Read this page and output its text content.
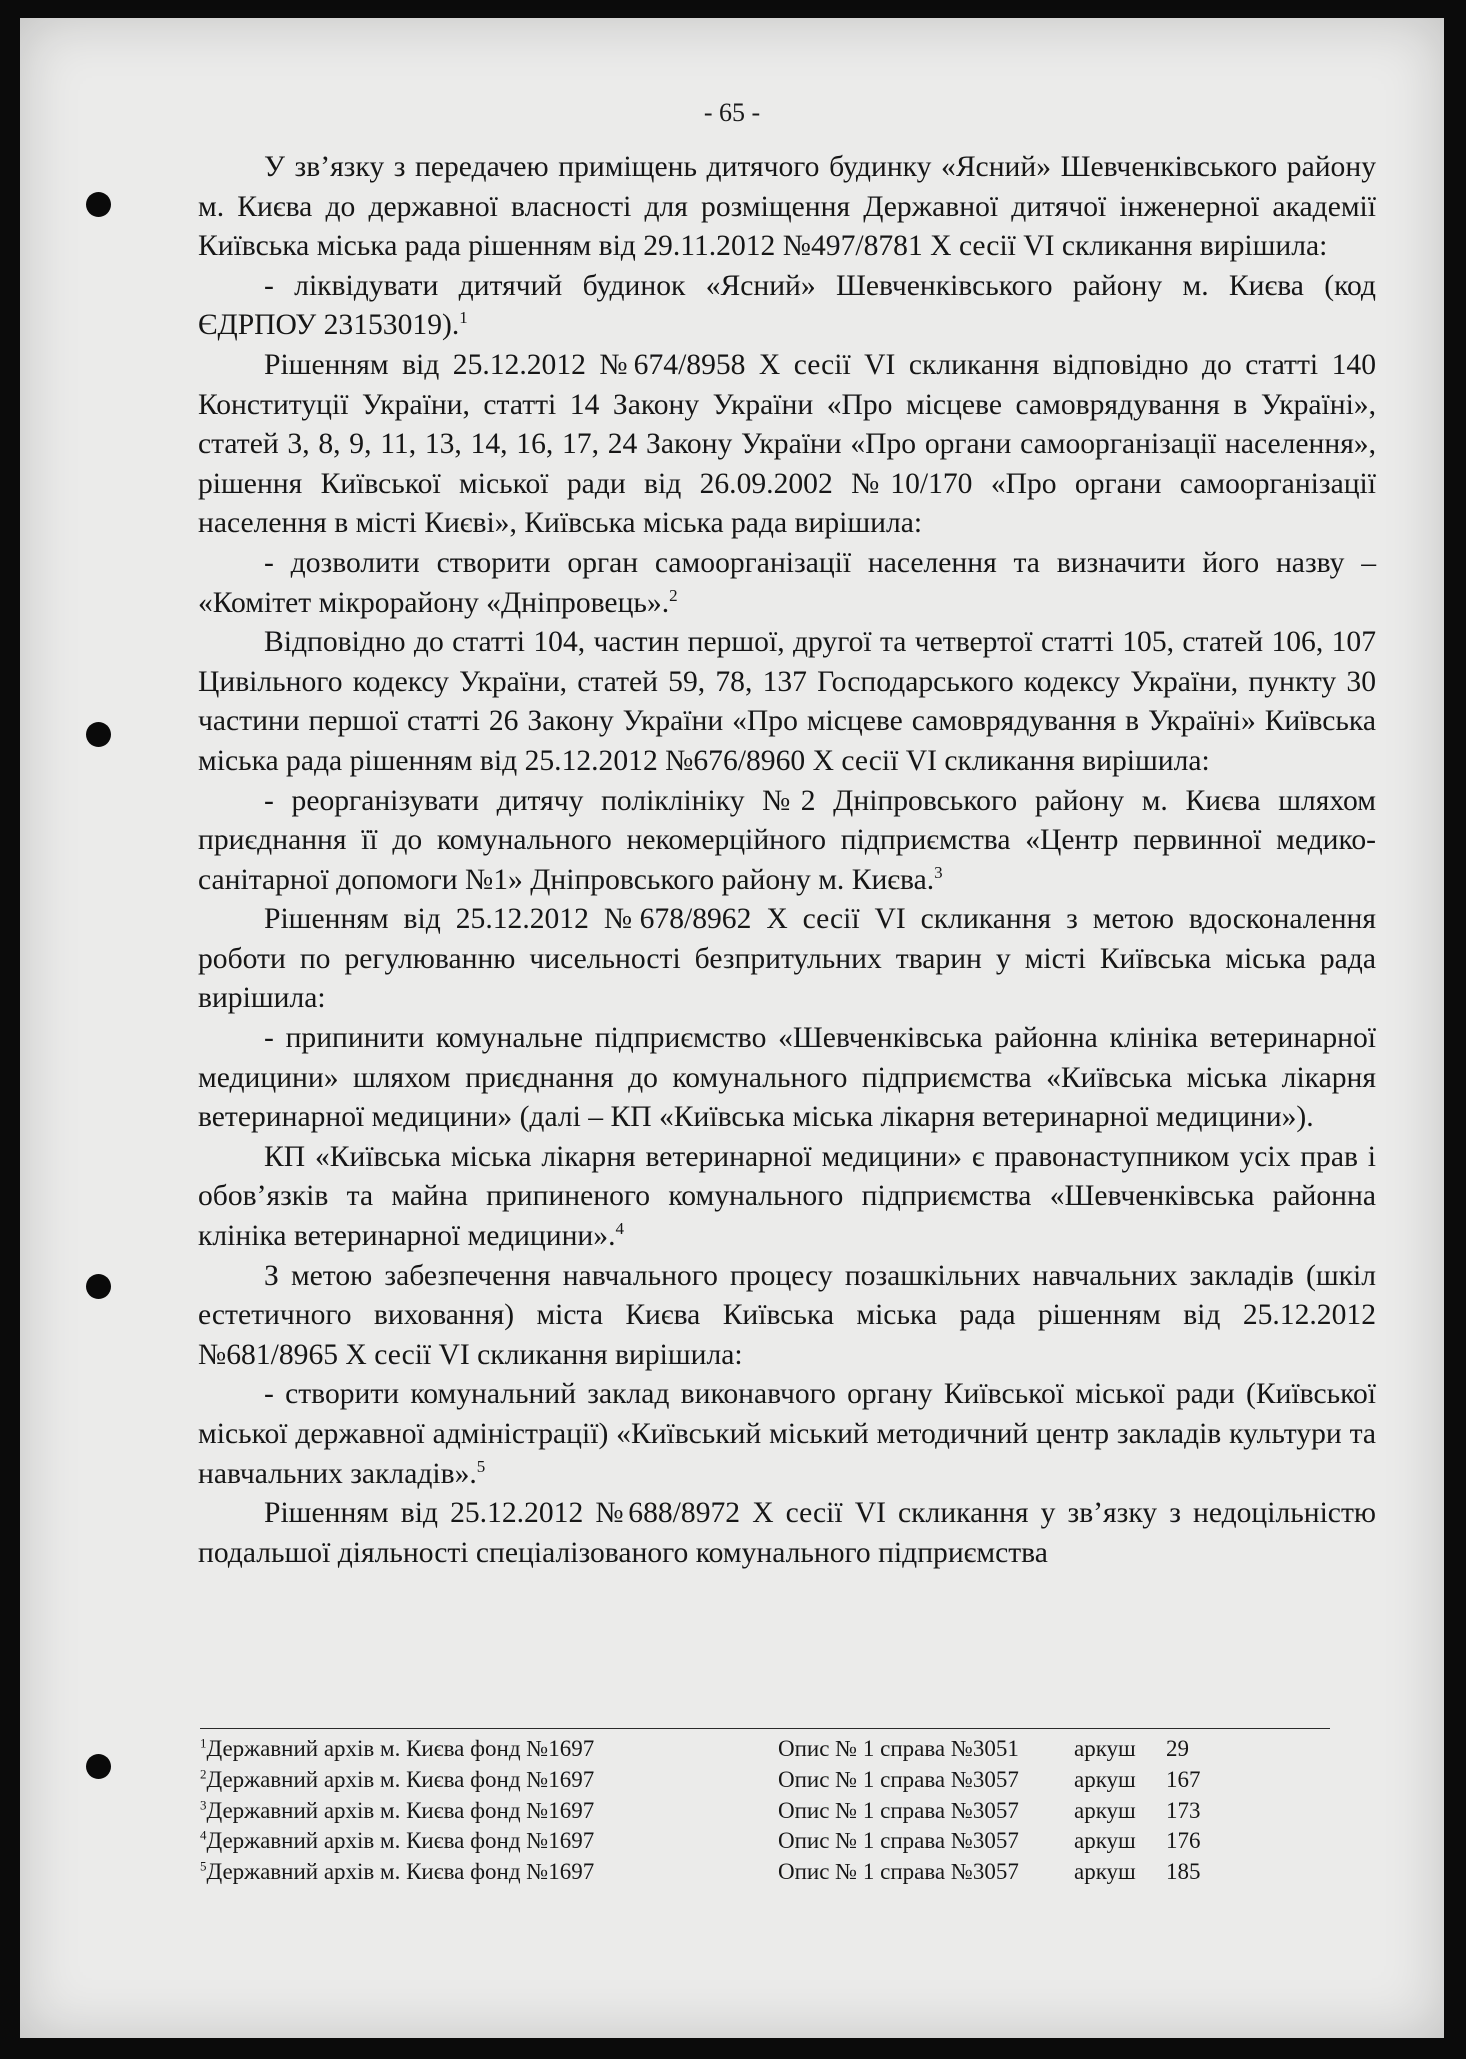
- 65 -

У зв’язку з передачею приміщень дитячого будинку «Ясний» Шевченківського району м. Києва до державної власності для розміщення Державної дитячої інженерної академії Київська міська рада рішенням від 29.11.2012 №497/8781 X сесії VI скликання вирішила:

- ліквідувати дитячий будинок «Ясний» Шевченківського району м. Києва (код ЄДРПОУ 23153019).$^1$

Рішенням від 25.12.2012 №674/8958 X сесії VI скликання відповідно до статті 140 Конституції України, статті 14 Закону України «Про місцеве самоврядування в Україні», статей 3, 8, 9, 11, 13, 14, 16, 17, 24 Закону України «Про органи самоорганізації населення», рішення Київської міської ради від 26.09.2002 №10/170 «Про органи самоорганізації населення в місті Києві», Київська міська рада вирішила:

- дозволити створити орган самоорганізації населення та визначити його назву – «Комітет мікрорайону «Дніпровець».$^2$

Відповідно до статті 104, частин першої, другої та четвертої статті 105, статей 106, 107 Цивільного кодексу України, статей 59, 78, 137 Господарського кодексу України, пункту 30 частини першої статті 26 Закону України «Про місцеве самоврядування в Україні» Київська міська рада рішенням від 25.12.2012 №676/8960 X сесії VI скликання вирішила:

- реорганізувати дитячу поліклініку №2 Дніпровського району м. Києва шляхом приєднання її до комунального некомерційного підприємства «Центр первинної медико-санітарної допомоги №1» Дніпровського району м. Києва.$^3$

Рішенням від 25.12.2012 №678/8962 X сесії VI скликання з метою вдосконалення роботи по регулюванню чисельності безпритульних тварин у місті Київська міська рада вирішила:

- припинити комунальне підприємство «Шевченківська районна клініка ветеринарної медицини» шляхом приєднання до комунального підприємства «Київська міська лікарня ветеринарної медицини» (далі – КП «Київська міська лікарня ветеринарної медицини»).

КП «Київська міська лікарня ветеринарної медицини» є правонаступником усіх прав і обов’язків та майна припиненого комунального підприємства «Шевченківська районна клініка ветеринарної медицини».$^4$

З метою забезпечення навчального процесу позашкільних навчальних закладів (шкіл естетичного виховання) міста Києва Київська міська рада рішенням від 25.12.2012 №681/8965 X сесії VI скликання вирішила:

- створити комунальний заклад виконавчого органу Київської міської ради (Київської міської державної адміністрації) «Київський міський методичний центр закладів культури та навчальних закладів».$^5$

Рішенням від 25.12.2012 №688/8972 X сесії VI скликання у зв’язку з недоцільністю подальшої діяльності спеціалізованого комунального підприємства

$^1$Державний архів м. Києва фонд №1697	Опис № 1 справа №3051	аркуш	29
$^2$Державний архів м. Києва фонд №1697	Опис № 1 справа №3057	аркуш	167
$^3$Державний архів м. Києва фонд №1697	Опис № 1 справа №3057	аркуш	173
$^4$Державний архів м. Києва фонд №1697	Опис № 1 справа №3057	аркуш	176
$^5$Державний архів м. Києва фонд №1697	Опис № 1 справа №3057	аркуш	185
